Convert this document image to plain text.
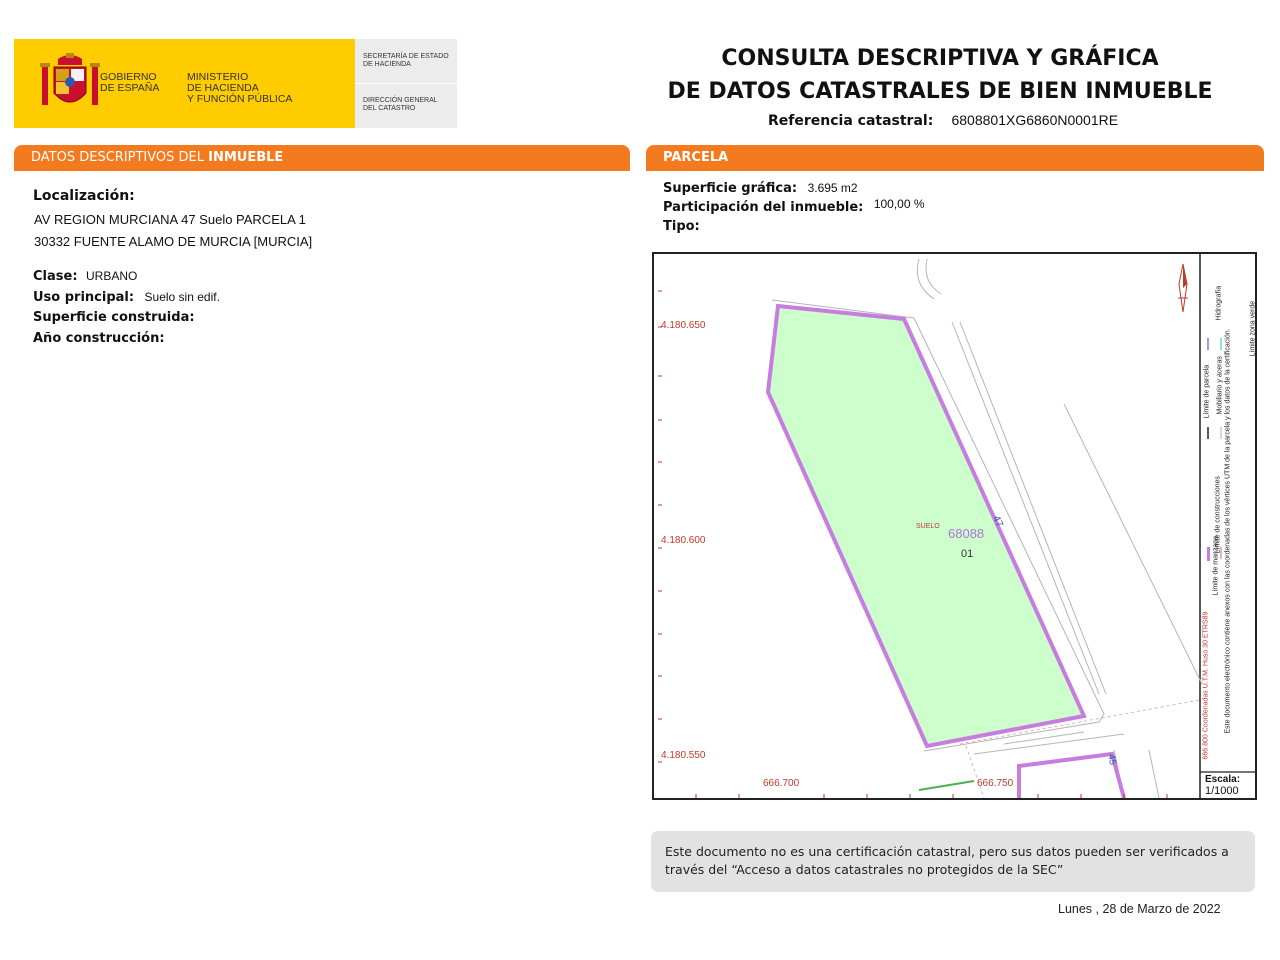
GOBIERNO
DE ESPAÑA
MINISTERIO
DE HACIENDA
Y FUNCIÓN PÚBLICA
SECRETARÍA DE ESTADO
DE HACIENDA
DIRECCIÓN GENERAL
DEL CATASTRO
CONSULTA DESCRIPTIVA Y GRÁFICA
DE DATOS CATASTRALES DE BIEN INMUEBLE
Referencia catastral: 6808801XG6860N0001RE
DATOS DESCRIPTIVOS DEL INMUEBLE
Localización:
AV REGION MURCIANA 47 Suelo PARCELA 1
30332 FUENTE ALAMO DE MURCIA [MURCIA]
Clase: URBANO
Uso principal: Suelo sin edif.
Superficie construida:
Año construcción:
PARCELA
Superficie gráfica: 3.695 m2
Participación del inmueble: 100,00 %
Tipo:
4.180.650
4.180.600
4.180.550
666.700	666.750
SUELO 68088
01
47
45
Límite de manzana
Límite de construcciones
Límite de parcela Mobiliario y aceras
Hidrografía	Límite zona verde
666.800 Coordenadas U.T.M. Huso 30 ETRS89 Este documento electrónico contiene anexos con las coordenadas de los vértices UTM de la parcela y los datos de la certificación.
Escala:
1/1000
Este documento no es una certificación catastral, pero sus datos pueden ser verificados a través del “Acceso a datos catastrales no protegidos de la SEC”
Lunes , 28 de Marzo de 2022
